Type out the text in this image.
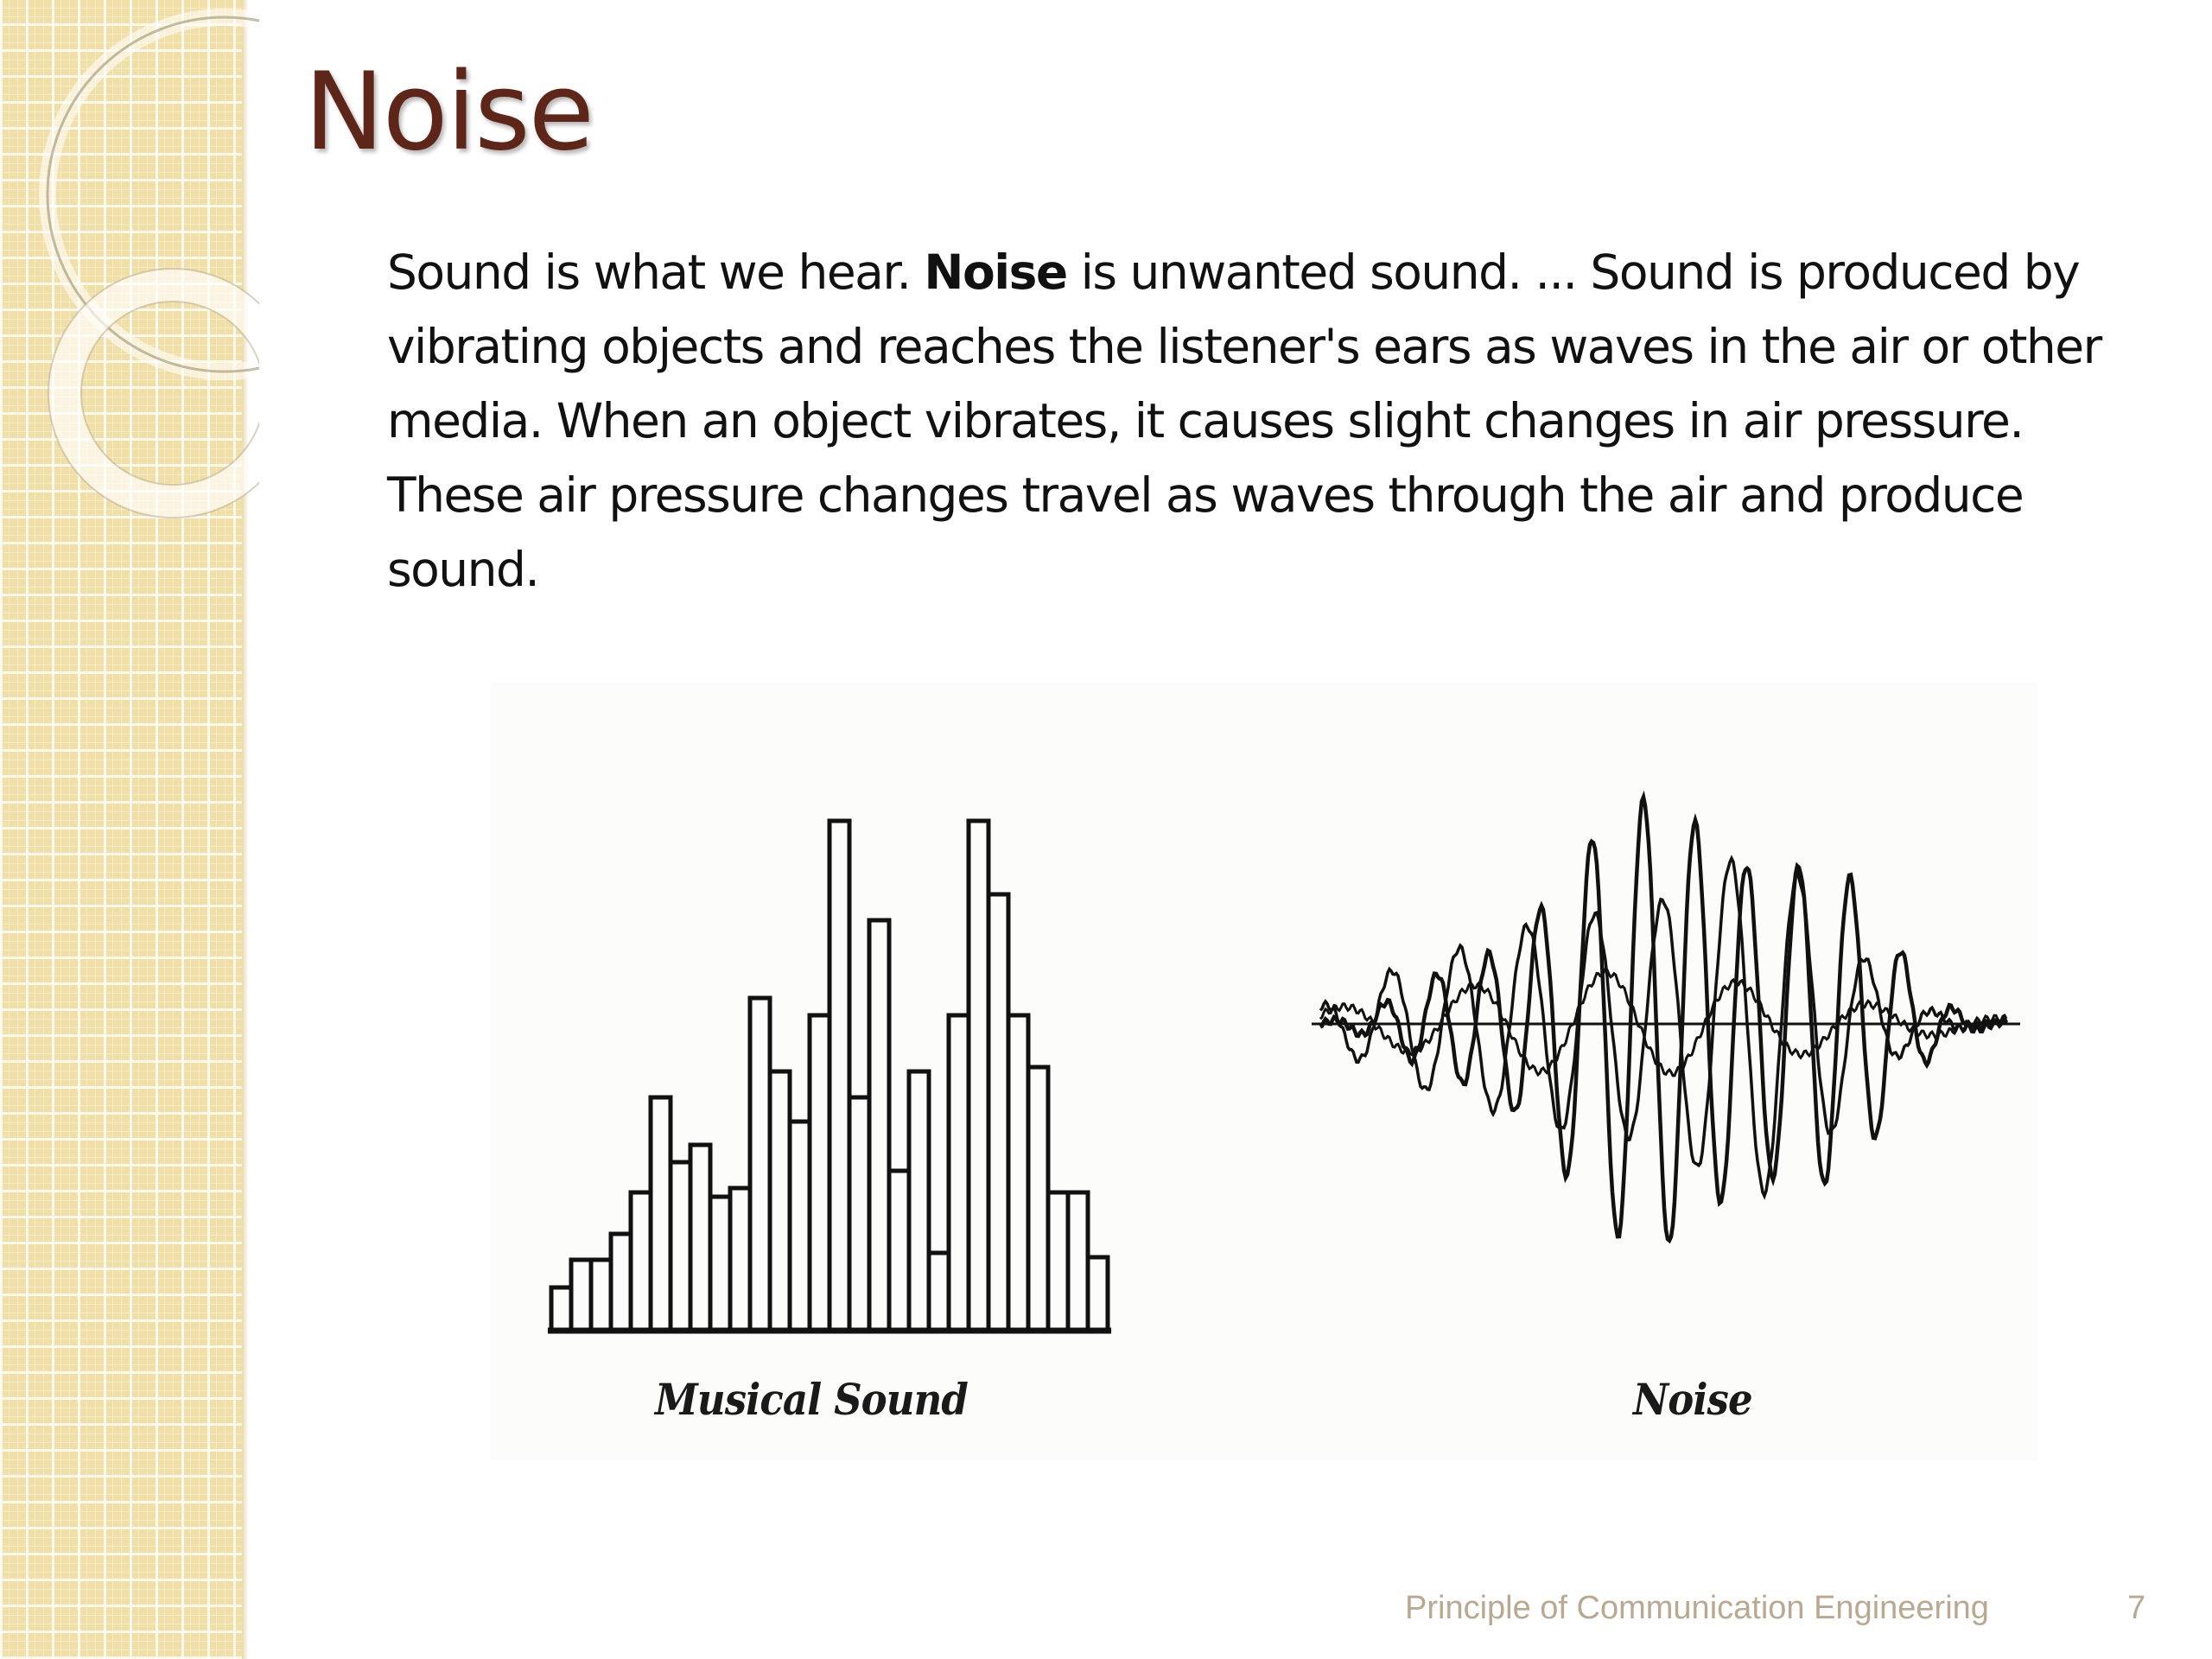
Noise

Sound is what we hear. Noise is unwanted sound. ... Sound is produced by vibrating objects and reaches the listener's ears as waves in the air or other media. When an object vibrates, it causes slight changes in air pressure. These air pressure changes travel as waves through the air and produce sound.

Musical Sound	Noise
Principle of Communication Engineering	7
